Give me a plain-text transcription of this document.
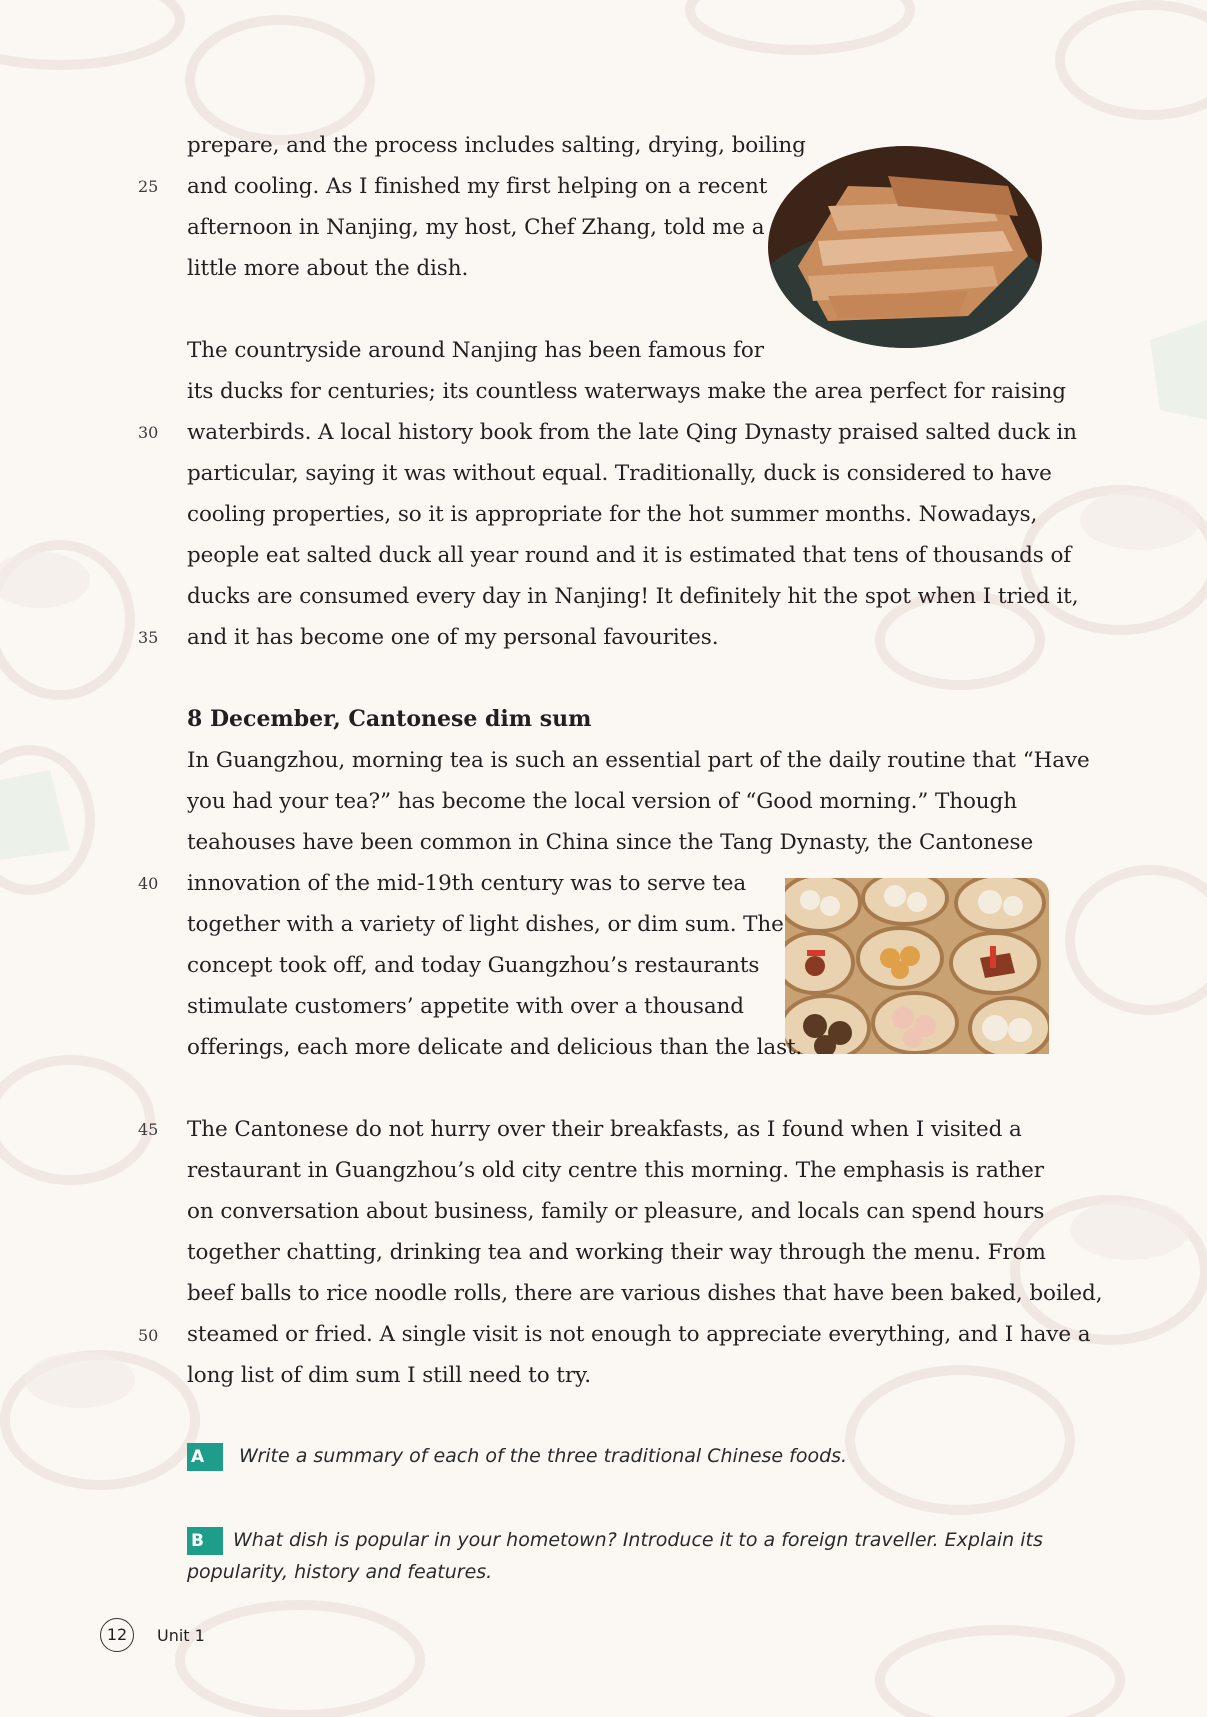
25
30
35
40
45
50

prepare, and the process includes salting, drying, boiling
and cooling. As I finished my first helping on a recent
afternoon in Nanjing, my host, Chef Zhang, told me a
little more about the dish.

The countryside around Nanjing has been famous for
its ducks for centuries; its countless waterways make the area perfect for raising
waterbirds. A local history book from the late Qing Dynasty praised salted duck in
particular, saying it was without equal. Traditionally, duck is considered to have
cooling properties, so it is appropriate for the hot summer months. Nowadays,
people eat salted duck all year round and it is estimated that tens of thousands of
ducks are consumed every day in Nanjing! It definitely hit the spot when I tried it,
and it has become one of my personal favourites.

8 December, Cantonese dim sum

In Guangzhou, morning tea is such an essential part of the daily routine that “Have
you had your tea?” has become the local version of “Good morning.” Though
teahouses have been common in China since the Tang Dynasty, the Cantonese
innovation of the mid-19th century was to serve tea
together with a variety of light dishes, or dim sum. The
concept took off, and today Guangzhou’s restaurants
stimulate customers’ appetite with over a thousand
offerings, each more delicate and delicious than the last.

The Cantonese do not hurry over their breakfasts, as I found when I visited a
restaurant in Guangzhou’s old city centre this morning. The emphasis is rather
on conversation about business, family or pleasure, and locals can spend hours
together chatting, drinking tea and working their way through the menu. From
beef balls to rice noodle rolls, there are various dishes that have been baked, boiled,
steamed or fried. A single visit is not enough to appreciate everything, and I have a
long list of dim sum I still need to try.

A Write a summary of each of the three traditional Chinese foods.
B What dish is popular in your hometown? Introduce it to a foreign traveller. Explain its
popularity, history and features.
12 Unit 1
